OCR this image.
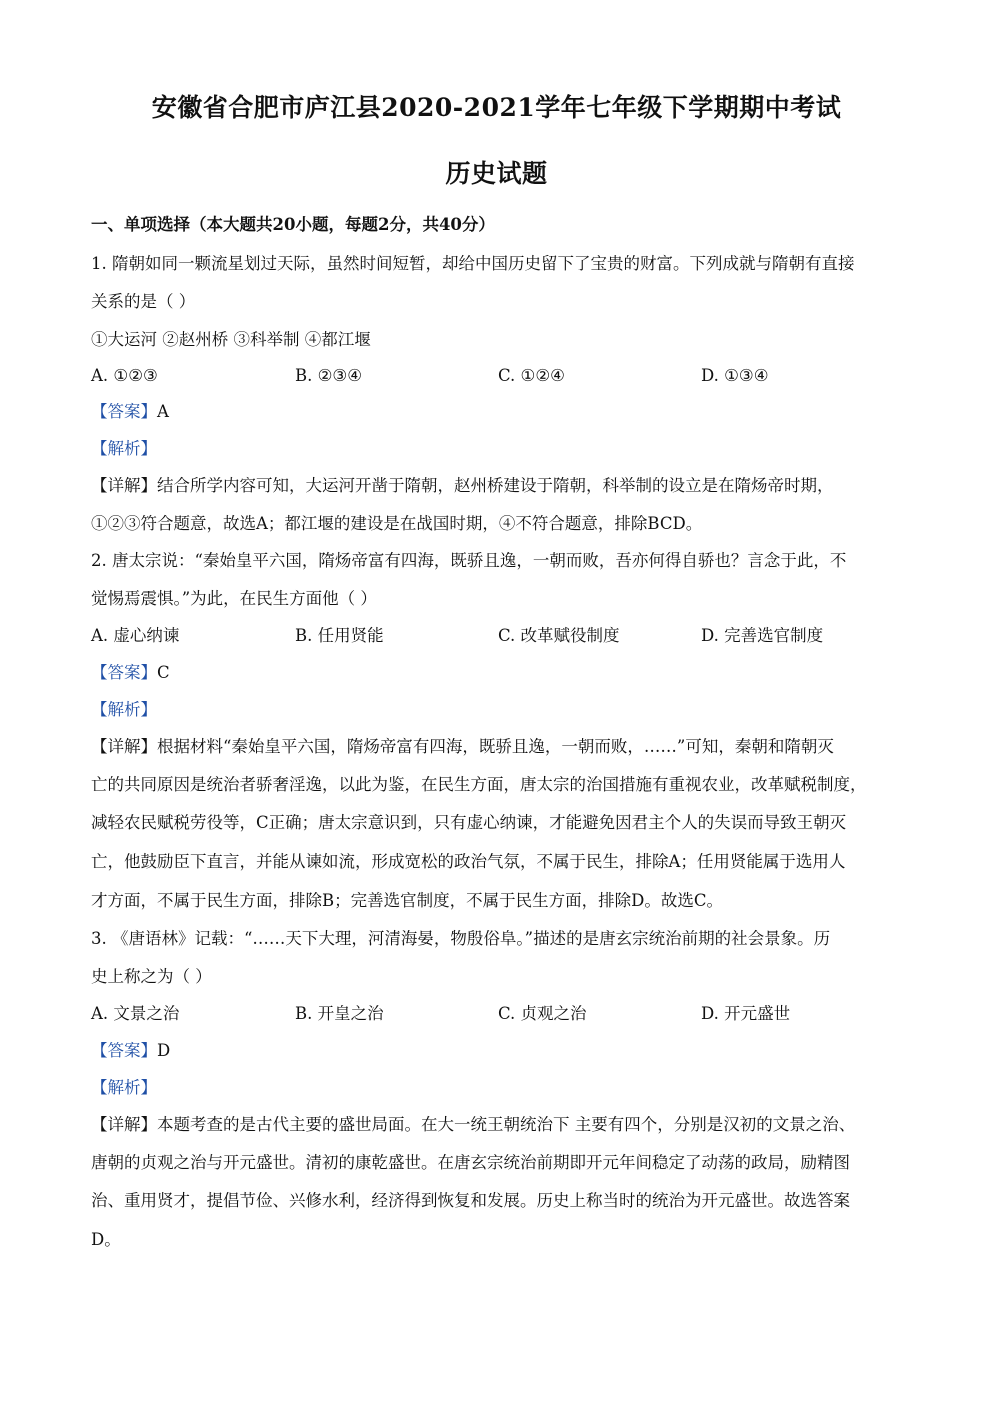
安徽省合肥市庐江县2020-2021学年七年级下学期期中考试
历史试题
一、单项选择（本大题共20小题，每题2分，共40分）
1. 隋朝如同一颗流星划过天际，虽然时间短暂，却给中国历史留下了宝贵的财富。下列成就与隋朝有直接
关系的是（ ）
①大运河 ②赵州桥 ③科举制 ④都江堰
A. ①②③	B. ②③④	C. ①②④	D. ①③④
【答案】A
【解析】
【详解】结合所学内容可知，大运河开凿于隋朝，赵州桥建设于隋朝，科举制的设立是在隋炀帝时期，
①②③符合题意，故选A；都江堰的建设是在战国时期，④不符合题意，排除BCD。
2. 唐太宗说：“秦始皇平六国，隋炀帝富有四海，既骄且逸，一朝而败，吾亦何得自骄也？言念于此，不
觉惕焉震惧。”为此，在民生方面他（ ）
A. 虚心纳谏	B. 任用贤能	C. 改革赋役制度	D. 完善选官制度
【答案】C
【解析】
【详解】根据材料“秦始皇平六国，隋炀帝富有四海，既骄且逸，一朝而败，……”可知，秦朝和隋朝灭
亡的共同原因是统治者骄奢淫逸，以此为鉴，在民生方面，唐太宗的治国措施有重视农业，改革赋税制度，
减轻农民赋税劳役等，C正确；唐太宗意识到，只有虚心纳谏，才能避免因君主个人的失误而导致王朝灭
亡，他鼓励臣下直言，并能从谏如流，形成宽松的政治气氛，不属于民生，排除A；任用贤能属于选用人
才方面，不属于民生方面，排除B；完善选官制度，不属于民生方面，排除D。故选C。
3. 《唐语林》记载：“……天下大理，河清海晏，物殷俗阜。”描述的是唐玄宗统治前期的社会景象。历
史上称之为（ ）
A. 文景之治	B. 开皇之治	C. 贞观之治	D. 开元盛世
【答案】D
【解析】
【详解】本题考查的是古代主要的盛世局面。在大一统王朝统治下 主要有四个，分别是汉初的文景之治、
唐朝的贞观之治与开元盛世。清初的康乾盛世。在唐玄宗统治前期即开元年间稳定了动荡的政局，励精图
治、重用贤才，提倡节俭、兴修水利，经济得到恢复和发展。历史上称当时的统治为开元盛世。故选答案
D。
